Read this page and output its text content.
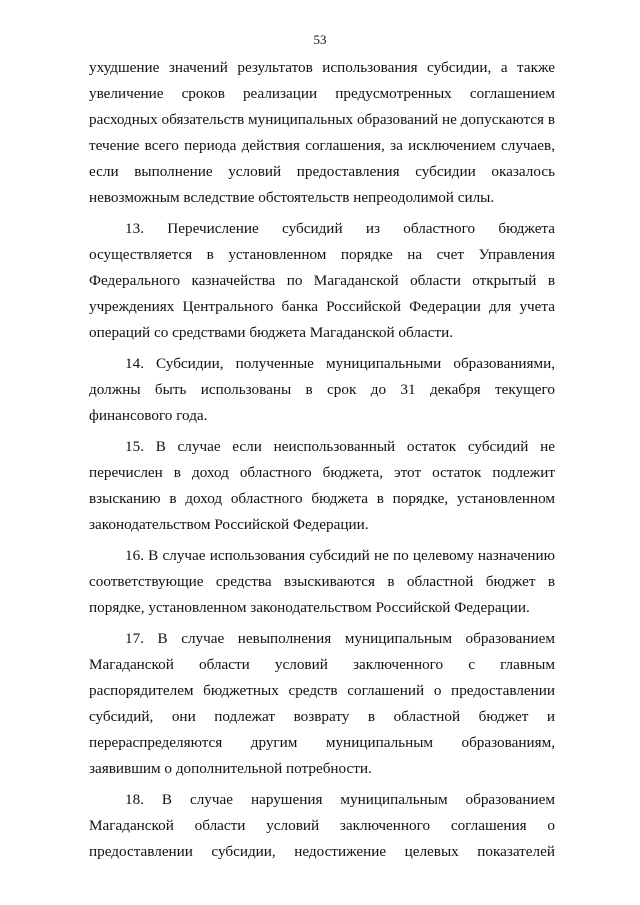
53

ухудшение значений результатов использования субсидии, а также увеличение сроков реализации предусмотренных соглашением расходных обязательств муниципальных образований не допускаются в течение всего периода действия соглашения, за исключением случаев, если выполнение условий предоставления субсидии оказалось невозможным вследствие обстоятельств непреодолимой силы.

13. Перечисление субсидий из областного бюджета осуществляется в установленном порядке на счет Управления Федерального казначейства по Магаданской области открытый в учреждениях Центрального банка Российской Федерации для учета операций со средствами бюджета Магаданской области.

14. Субсидии, полученные муниципальными образованиями, должны быть использованы в срок до 31 декабря текущего финансового года.

15. В случае если неиспользованный остаток субсидий не перечислен в доход областного бюджета, этот остаток подлежит взысканию в доход областного бюджета в порядке, установленном законодательством Российской Федерации.

16. В случае использования субсидий не по целевому назначению соответствующие средства взыскиваются в областной бюджет в порядке, установленном законодательством Российской Федерации.

17. В случае невыполнения муниципальным образованием Магаданской области условий заключенного с главным распорядителем бюджетных средств соглашений о предоставлении субсидий, они подлежат возврату в областной бюджет и перераспределяются другим муниципальным образованиям, заявившим о дополнительной потребности.

18. В случае нарушения муниципальным образованием Магаданской области условий заключенного соглашения о предоставлении субсидии, недостижение целевых показателей
